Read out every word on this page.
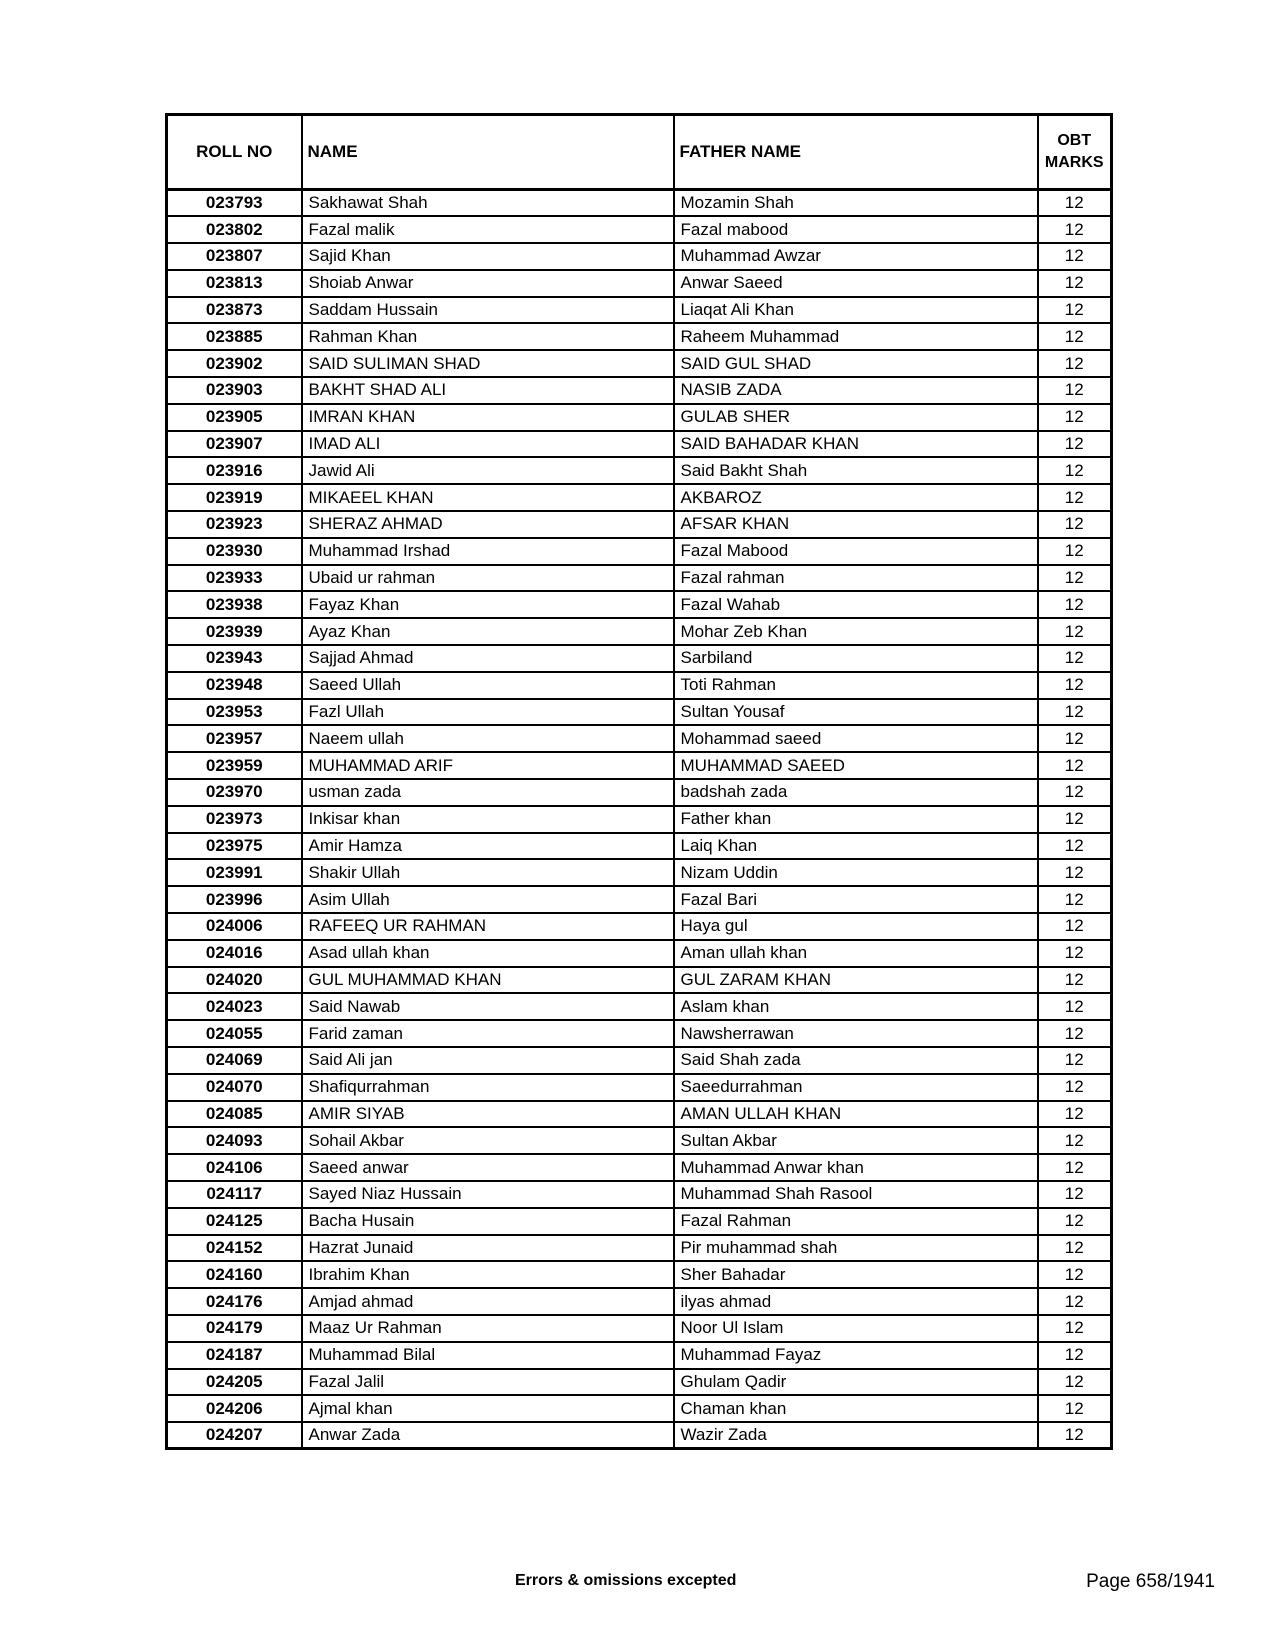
ROLL NO	NAME	FATHER NAME	OBT MARKS
023793	Sakhawat Shah	Mozamin Shah	12
023802	Fazal malik	Fazal mabood	12
023807	Sajid Khan	Muhammad Awzar	12
023813	Shoiab Anwar	Anwar Saeed	12
023873	Saddam Hussain	Liaqat Ali Khan	12
023885	Rahman Khan	Raheem Muhammad	12
023902	SAID SULIMAN SHAD	SAID GUL SHAD	12
023903	BAKHT SHAD ALI	NASIB ZADA	12
023905	IMRAN KHAN	GULAB SHER	12
023907	IMAD ALI	SAID BAHADAR KHAN	12
023916	Jawid Ali	Said Bakht Shah	12
023919	MIKAEEL KHAN	AKBAROZ	12
023923	SHERAZ AHMAD	AFSAR KHAN	12
023930	Muhammad Irshad	Fazal Mabood	12
023933	Ubaid ur rahman	Fazal rahman	12
023938	Fayaz Khan	Fazal Wahab	12
023939	Ayaz Khan	Mohar Zeb Khan	12
023943	Sajjad Ahmad	Sarbiland	12
023948	Saeed Ullah	Toti Rahman	12
023953	Fazl Ullah	Sultan Yousaf	12
023957	Naeem ullah	Mohammad saeed	12
023959	MUHAMMAD ARIF	MUHAMMAD SAEED	12
023970	usman zada	badshah zada	12
023973	Inkisar khan	Father khan	12
023975	Amir Hamza	Laiq Khan	12
023991	Shakir Ullah	Nizam Uddin	12
023996	Asim Ullah	Fazal Bari	12
024006	RAFEEQ UR RAHMAN	Haya gul	12
024016	Asad ullah khan	Aman ullah khan	12
024020	GUL MUHAMMAD KHAN	GUL ZARAM KHAN	12
024023	Said Nawab	Aslam khan	12
024055	Farid zaman	Nawsherrawan	12
024069	Said Ali jan	Said Shah zada	12
024070	Shafiqurrahman	Saeedurrahman	12
024085	AMIR SIYAB	AMAN ULLAH KHAN	12
024093	Sohail Akbar	Sultan Akbar	12
024106	Saeed anwar	Muhammad Anwar khan	12
024117	Sayed Niaz Hussain	Muhammad Shah Rasool	12
024125	Bacha Husain	Fazal Rahman	12
024152	Hazrat Junaid	Pir muhammad shah	12
024160	Ibrahim Khan	Sher Bahadar	12
024176	Amjad ahmad	ilyas ahmad	12
024179	Maaz Ur Rahman	Noor Ul Islam	12
024187	Muhammad Bilal	Muhammad Fayaz	12
024205	Fazal Jalil	Ghulam Qadir	12
024206	Ajmal khan	Chaman khan	12
024207	Anwar Zada	Wazir Zada	12
Errors & omissions excepted	Page 658/1941
